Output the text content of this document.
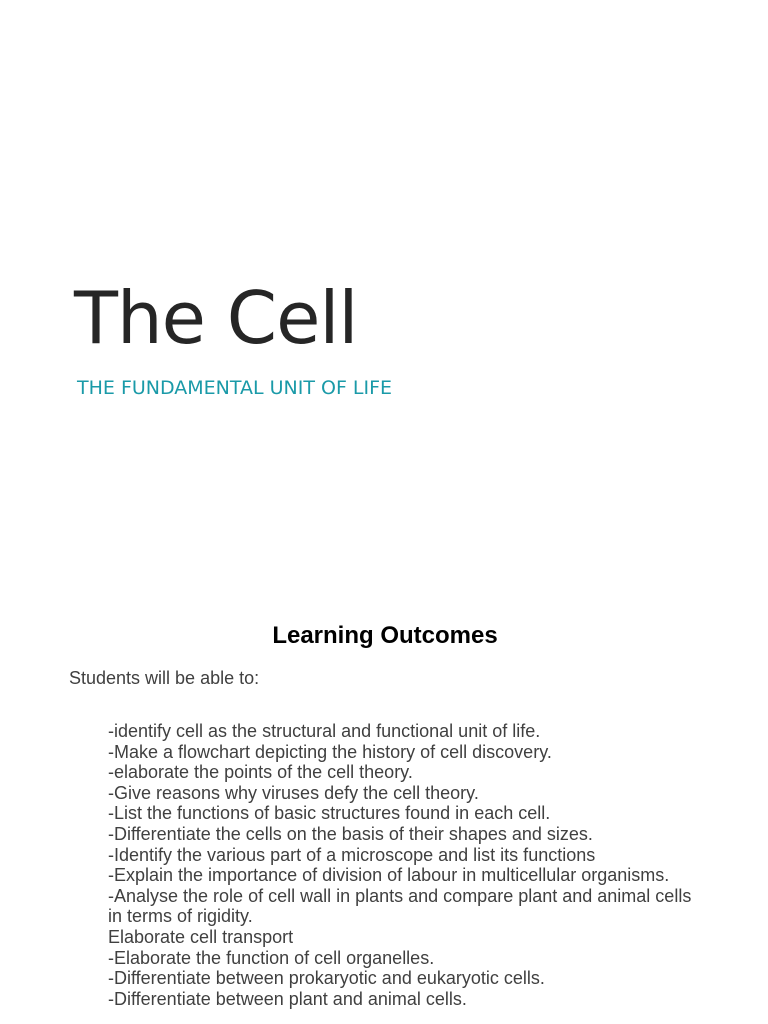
The Cell

THE FUNDAMENTAL UNIT OF LIFE

Learning Outcomes

Students will be able to:

-identify cell as the structural and functional unit of life.
-Make a flowchart depicting the history of cell discovery.
-elaborate the points of the cell theory.
-Give reasons why viruses defy the cell theory.
-List the functions of basic structures found in each cell.
-Differentiate the cells on the basis of their shapes and sizes.
-Identify the various part of a microscope and list its functions
-Explain the importance of division of labour in multicellular organisms.
-Analyse the role of cell wall in plants and compare plant and animal cells in terms of rigidity.
Elaborate cell transport
-Elaborate the function of cell organelles.
-Differentiate between prokaryotic and eukaryotic cells.
-Differentiate between plant and animal cells.
